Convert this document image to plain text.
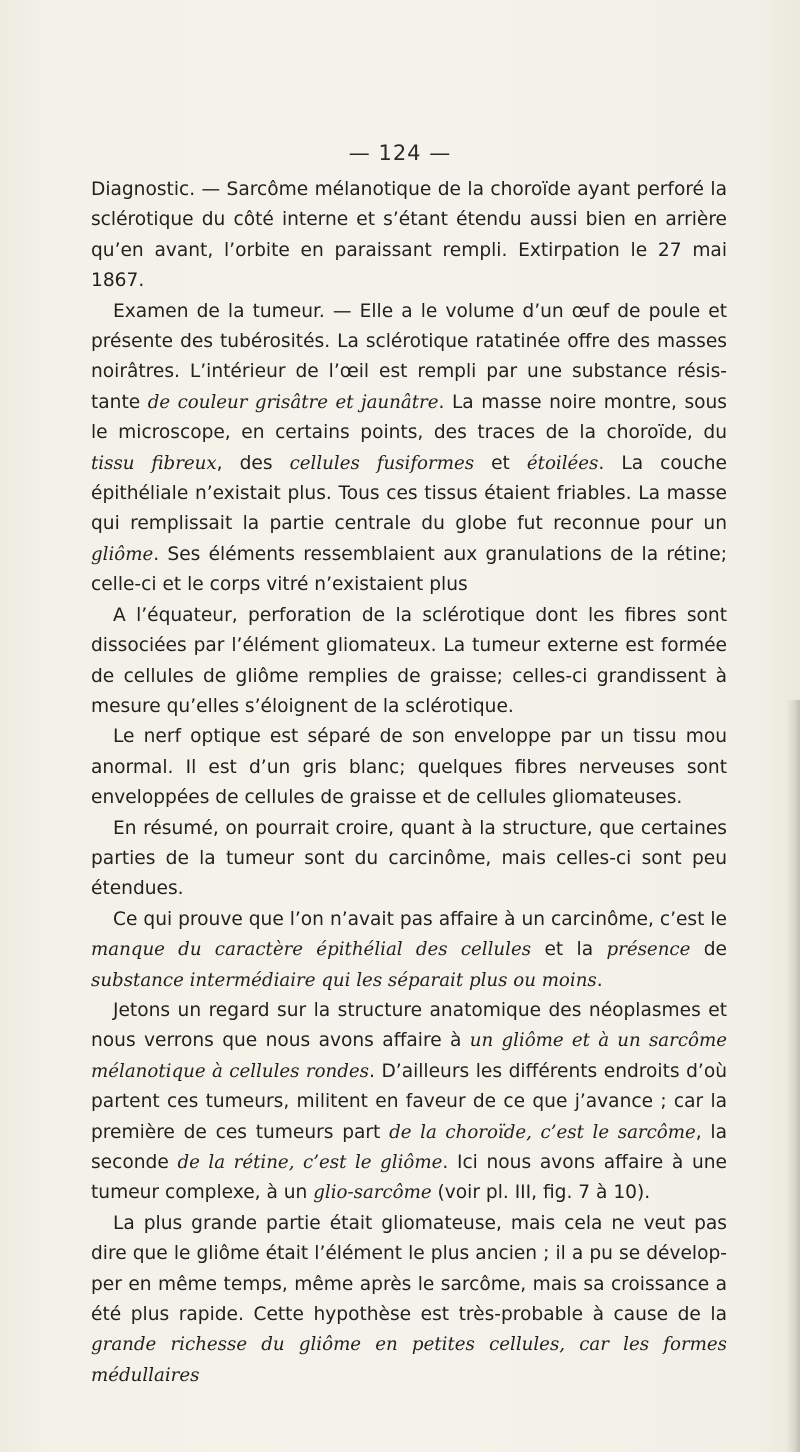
— 124 —

Diagnostic. — Sarcôme mélanotique de la choroïde ayant perforé la sclérotique du côté interne et s’étant étendu aussi bien en arrière qu’en avant, l’orbite en paraissant rempli. Extirpation le 27 mai 1867.

Examen de la tumeur. — Elle a le volume d’un œuf de poule et présente des tubérosités. La sclérotique ratatinée offre des masses noirâtres. L’intérieur de l’œil est rempli par une substance résistante de couleur grisâtre et jaunâtre. La masse noire montre, sous le microscope, en certains points, des traces de la choroïde, du tissu fibreux, des cellules fusiformes et étoilées. La couche épithéliale n’existait plus. Tous ces tissus étaient friables. La masse qui remplissait la partie centrale du globe fut reconnue pour un gliôme. Ses éléments ressemblaient aux granulations de la rétine; celle-ci et le corps vitré n’existaient plus

A l’équateur, perforation de la sclérotique dont les fibres sont dissociées par l’élément gliomateux. La tumeur externe est formée de cellules de gliôme remplies de graisse; celles-ci grandissent à mesure qu’elles s’éloignent de la sclérotique.

Le nerf optique est séparé de son enveloppe par un tissu mou anormal. Il est d’un gris blanc; quelques fibres nerveuses sont enveloppées de cellules de graisse et de cellules gliomateuses.

En résumé, on pourrait croire, quant à la structure, que certaines parties de la tumeur sont du carcinôme, mais celles-ci sont peu étendues.

Ce qui prouve que l’on n’avait pas affaire à un carcinôme, c’est le manque du caractère épithélial des cellules et la présence de substance intermédiaire qui les séparait plus ou moins.

Jetons un regard sur la structure anatomique des néoplasmes et nous verrons que nous avons affaire à un gliôme et à un sarcôme mélanotique à cellules rondes. D’ailleurs les différents endroits d’où partent ces tumeurs, militent en faveur de ce que j’avance ; car la première de ces tumeurs part de la choroïde, c’est le sarcôme, la seconde de la rétine, c’est le gliôme. Ici nous avons affaire à une tumeur complexe, à un glio-sarcôme (voir pl. III, fig. 7 à 10).

La plus grande partie était gliomateuse, mais cela ne veut pas dire que le gliôme était l’élément le plus ancien ; il a pu se développer en même temps, même après le sarcôme, mais sa croissance a été plus rapide. Cette hypothèse est très-probable à cause de la grande richesse du gliôme en petites cellules, car les formes médullaires
